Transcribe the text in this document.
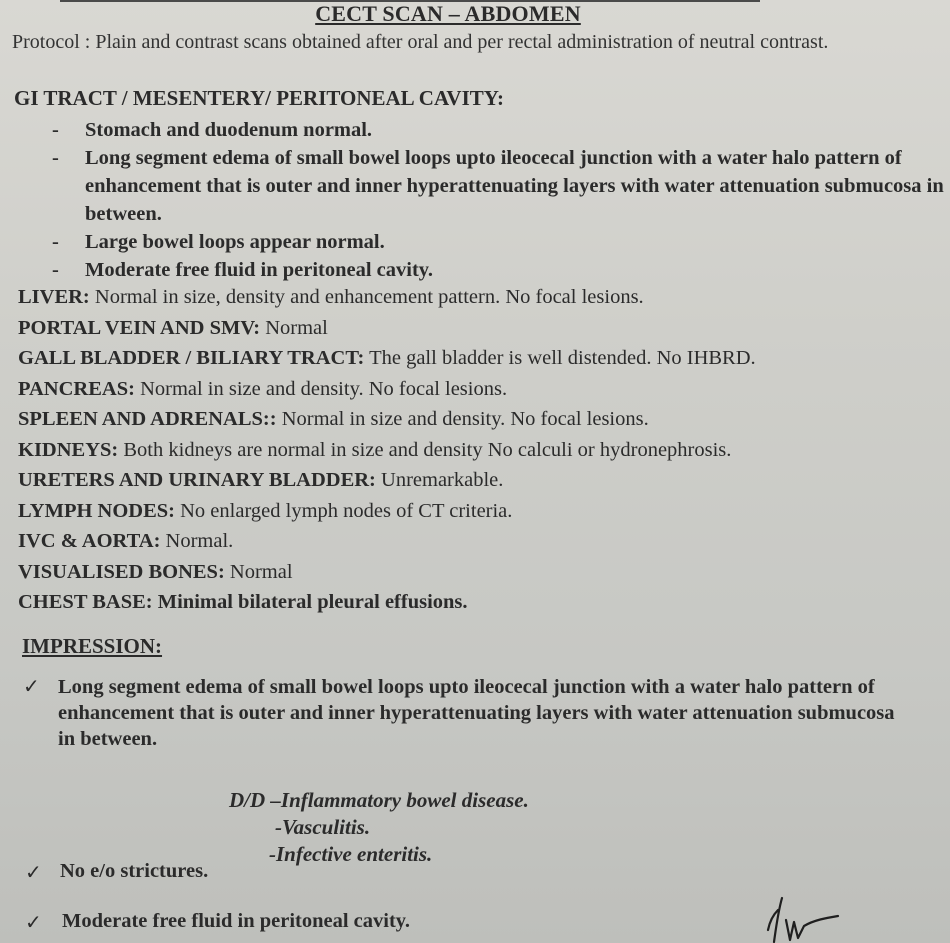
CECT SCAN – ABDOMEN
Protocol : Plain and contrast scans obtained after oral and per rectal administration of neutral contrast.
GI TRACT / MESENTERY/ PERITONEAL CAVITY:
- Stomach and duodenum normal.
- Long segment edema of small bowel loops upto ileocecal junction with a water halo pattern of enhancement that is outer and inner hyperattenuating layers with water attenuation submucosa in between.
- Large bowel loops appear normal.
- Moderate free fluid in peritoneal cavity.
LIVER: Normal in size, density and enhancement pattern. No focal lesions.
PORTAL VEIN AND SMV: Normal
GALL BLADDER / BILIARY TRACT: The gall bladder is well distended. No IHBRD.
PANCREAS: Normal in size and density. No focal lesions.
SPLEEN AND ADRENALS:: Normal in size and density. No focal lesions.
KIDNEYS: Both kidneys are normal in size and density No calculi or hydronephrosis.
URETERS AND URINARY BLADDER: Unremarkable.
LYMPH NODES: No enlarged lymph nodes of CT criteria.
IVC & AORTA: Normal.
VISUALISED BONES: Normal
CHEST BASE: Minimal bilateral pleural effusions.
IMPRESSION:
✓ Long segment edema of small bowel loops upto ileocecal junction with a water halo pattern of enhancement that is outer and inner hyperattenuating layers with water attenuation submucosa in between.
D/D –Inflammatory bowel disease.
-Vasculitis.
-Infective enteritis.
✓ No e/o strictures.
✓ Moderate free fluid in peritoneal cavity.
